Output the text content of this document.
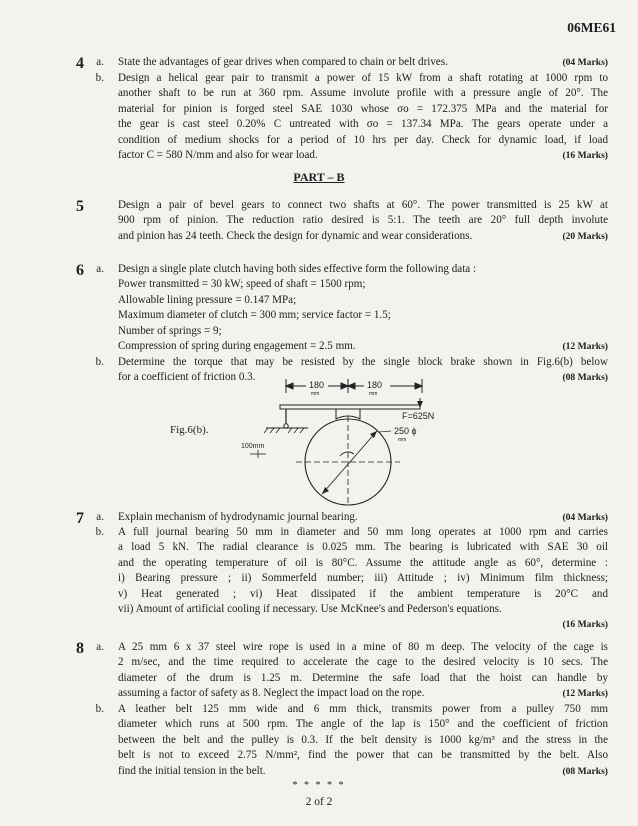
06ME61
4	a. State the advantages of gear drives when compared to chain or belt drives.	(04 Marks)
b. Design a helical gear pair to transmit a power of 15 kW from a shaft rotating at 1000 rpm to
another shaft to be run at 360 rpm. Assume involute profile with a pressure angle of 20°. The
material for pinion is forged steel SAE 1030 whose σo = 172.375 MPa and the material for
the gear is cast steel 0.20% C untreated with σo = 137.34 MPa. The gears operate under a
condition of medium shocks for a period of 10 hrs per day. Check for dynamic load, if load
factor C = 580 N/mm and also for wear load.	(16 Marks)
PART – B
5	Design a pair of bevel gears to connect two shafts at 60°. The power transmitted is 25 kW at
900 rpm of pinion. The reduction ratio desired is 5:1. The teeth are 20° full depth involute
and pinion has 24 teeth. Check the design for dynamic and wear considerations.	(20 Marks)
6	a. Design a single plate clutch having both sides effective form the following data :
Power transmitted = 30 kW; speed of shaft = 1500 rpm;
Allowable lining pressure = 0.147 MPa;
Maximum diameter of clutch = 300 mm; service factor = 1.5;
Number of springs = 9;
Compression of spring during engagement = 2.5 mm.	(12 Marks)
b. Determine the torque that may be resisted by the single block brake shown in Fig.6(b) below
for a coefficient of friction 0.3.	(08 Marks)
Fig.6(b).
180
mm
180
mm
100mm
F=625N
250 ϕ
mm
7	a. Explain mechanism of hydrodynamic journal bearing.	(04 Marks)
b. A full journal bearing 50 mm in diameter and 50 mm long operates at 1000 rpm and carries
a load 5 kN. The radial clearance is 0.025 mm. The bearing is lubricated with SAE 30 oil
and the operating temperature of oil is 80°C. Assume the attitude angle as 60°, determine :
i) Bearing pressure ; ii) Sommerfeld number; iii) Attitude ; iv) Minimum film thickness;
v) Heat generated ; vi) Heat dissipated if the ambient temperature is 20°C and
vii) Amount of artificial cooling if necessary. Use McKnee's and Pederson's equations.
(16 Marks)
8	a. A 25 mm 6 x 37 steel wire rope is used in a mine of 80 m deep. The velocity of the cage is
2 m/sec, and the time required to accelerate the cage to the desired velocity is 10 secs. The
diameter of the drum is 1.25 m. Determine the safe load that the hoist can handle by
assuming a factor of safety as 8. Neglect the impact load on the rope.	(12 Marks)
b. A leather belt 125 mm wide and 6 mm thick, transmits power from a pulley 750 mm
diameter which runs at 500 rpm. The angle of the lap is 150° and the coefficient of friction
between the belt and the pulley is 0.3. If the belt density is 1000 kg/m³ and the stress in the
belt is not to exceed 2.75 N/mm², find the power that can be transmitted by the belt. Also
find the initial tension in the belt.	(08 Marks)
* * * * *
2 of 2
